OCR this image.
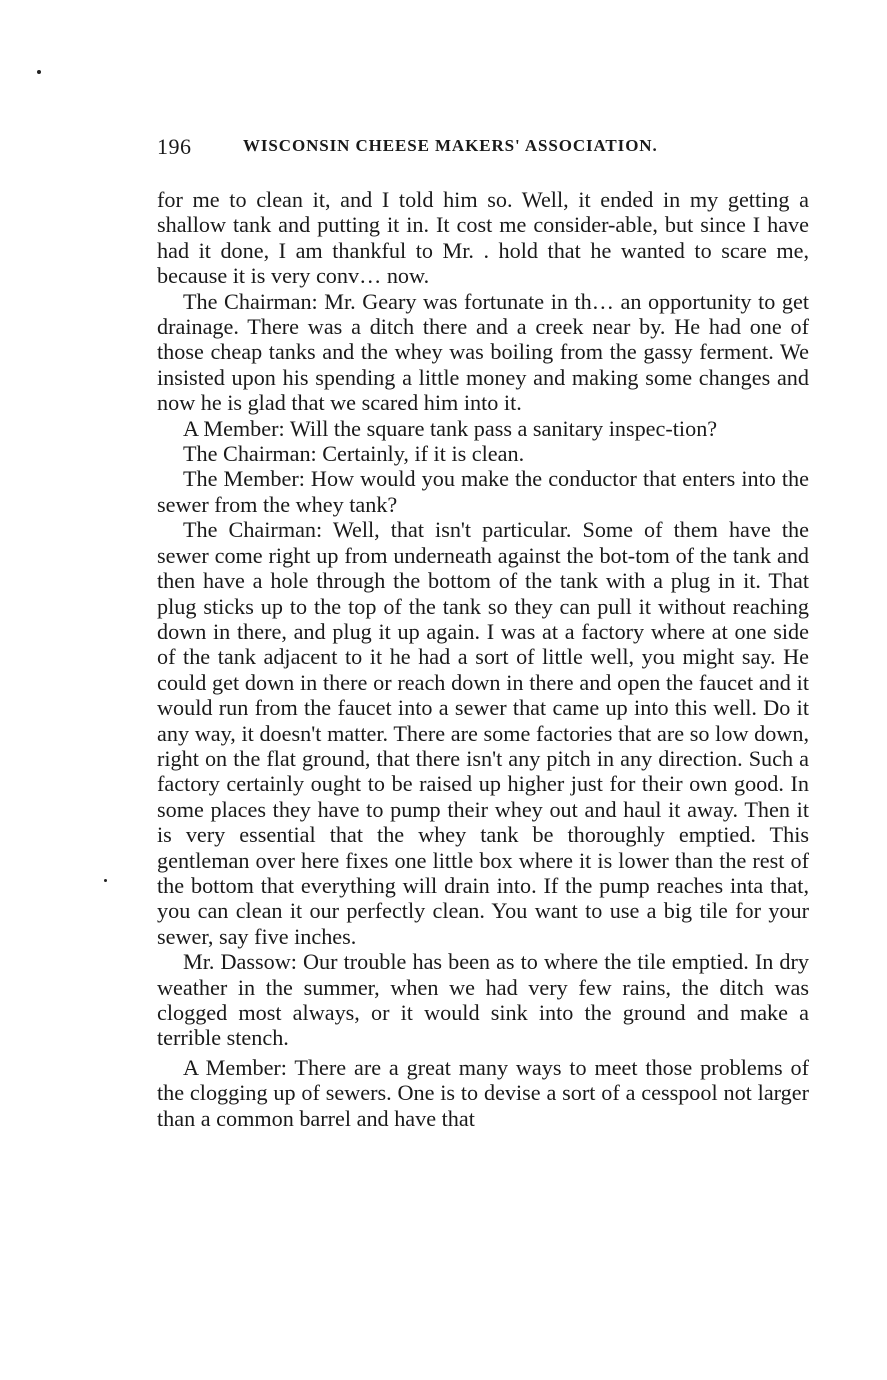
196	WISCONSIN CHEESE MAKERS' ASSOCIATION.

for me to clean it, and I told him so. Well, it ended in my getting a shallow tank and putting it in. It cost me consider-able, but since I have had it done, I am thankful to Mr. . hold that he wanted to scare me, because it is very conv… now.

The Chairman: Mr. Geary was fortunate in th… an opportunity to get drainage. There was a ditch there and a creek near by. He had one of those cheap tanks and the whey was boiling from the gassy ferment. We insisted upon his spending a little money and making some changes and now he is glad that we scared him into it.

A Member: Will the square tank pass a sanitary inspec-tion?

The Chairman: Certainly, if it is clean.

The Member: How would you make the conductor that enters into the sewer from the whey tank?

The Chairman: Well, that isn't particular. Some of them have the sewer come right up from underneath against the bot-tom of the tank and then have a hole through the bottom of the tank with a plug in it. That plug sticks up to the top of the tank so they can pull it without reaching down in there, and plug it up again. I was at a factory where at one side of the tank adjacent to it he had a sort of little well, you might say. He could get down in there or reach down in there and open the faucet and it would run from the faucet into a sewer that came up into this well. Do it any way, it doesn't matter. There are some factories that are so low down, right on the flat ground, that there isn't any pitch in any direction. Such a factory certainly ought to be raised up higher just for their own good. In some places they have to pump their whey out and haul it away. Then it is very essential that the whey tank be thoroughly emptied. This gentleman over here fixes one little box where it is lower than the rest of the bottom that everything will drain into. If the pump reaches inta that, you can clean it our perfectly clean. You want to use a big tile for your sewer, say five inches.

Mr. Dassow: Our trouble has been as to where the tile emptied. In dry weather in the summer, when we had very few rains, the ditch was clogged most always, or it would sink into the ground and make a terrible stench.

A Member: There are a great many ways to meet those problems of the clogging up of sewers. One is to devise a sort of a cesspool not larger than a common barrel and have that
